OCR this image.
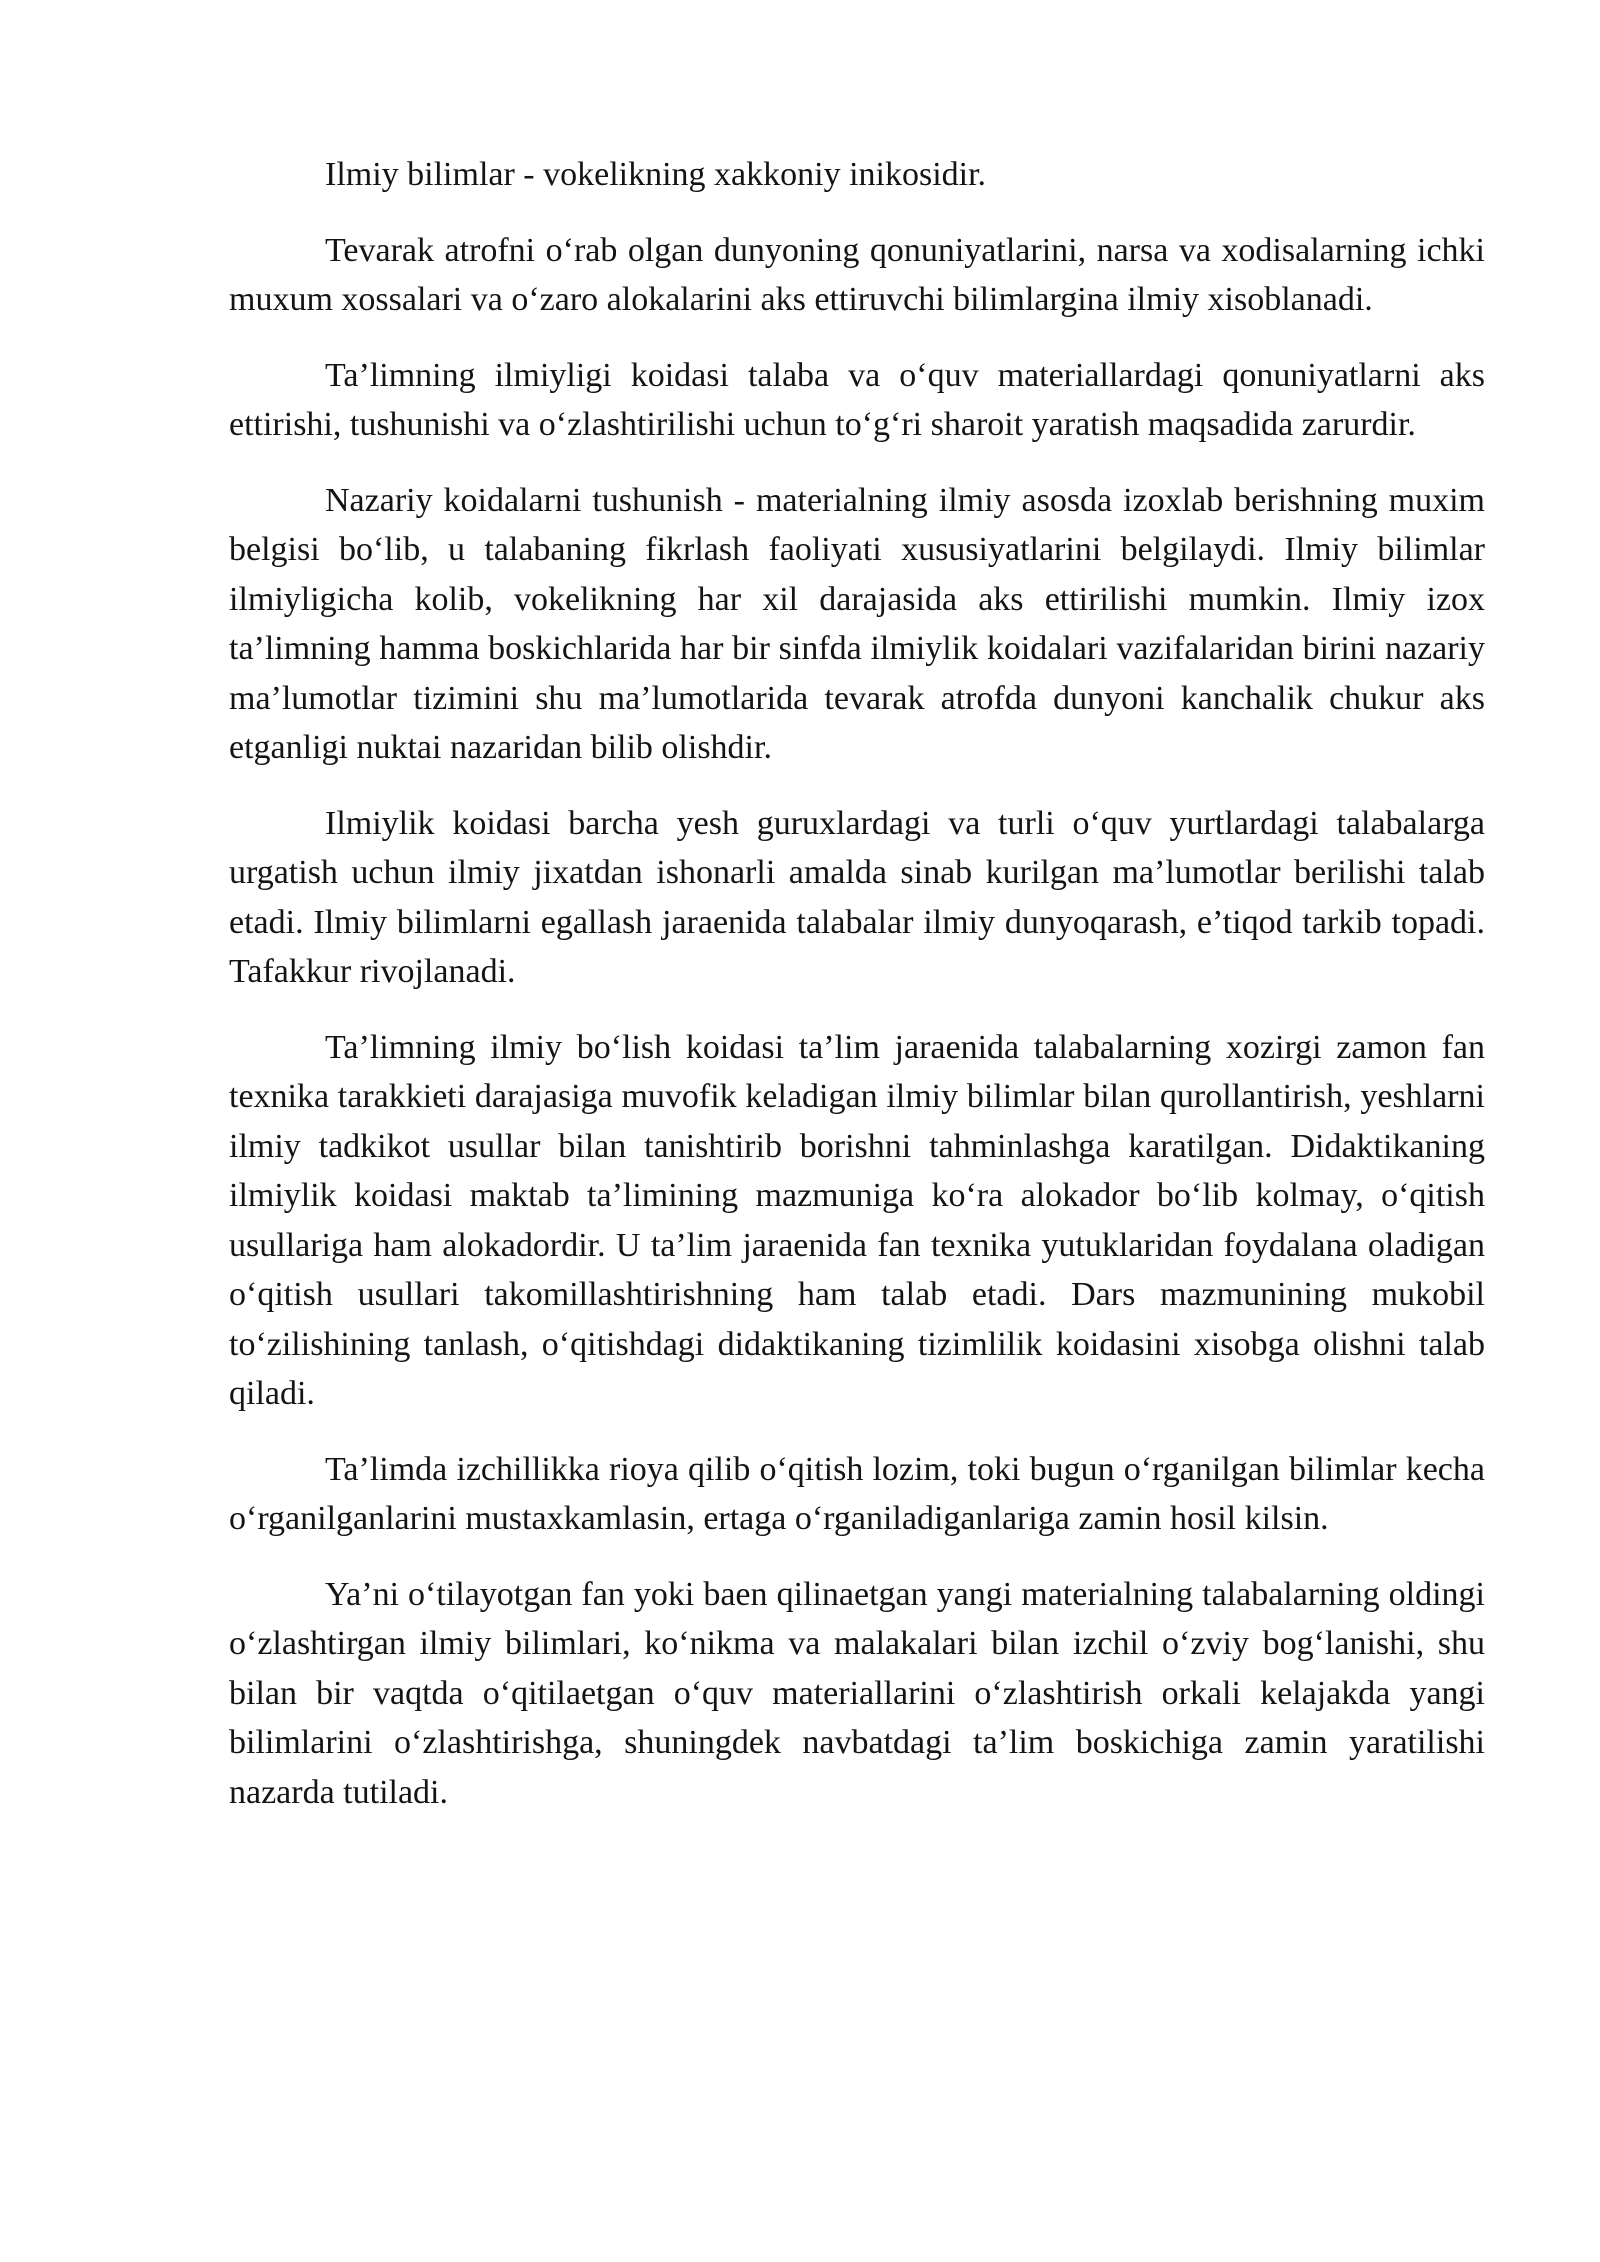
Ilmiy bilimlar - vokelikning xakkoniy inikosidir.

Tevarak atrofni o‘rab olgan dunyoning qonuniyatlarini, narsa va xodisalarning ichki muxum xossalari va o‘zaro alokalarini aks ettiruvchi bilimlargina ilmiy xisoblanadi.

Ta’limning ilmiyligi koidasi talaba va o‘quv materiallardagi qonuniyatlarni aks ettirishi, tushunishi va o‘zlashtirilishi uchun to‘g‘ri sharoit yaratish maqsadida zarurdir.

Nazariy koidalarni tushunish - materialning ilmiy asosda izoxlab berishning muxim belgisi bo‘lib, u talabaning fikrlash faoliyati xususiyatlarini belgilaydi. Ilmiy bilimlar ilmiyligicha kolib, vokelikning har xil darajasida aks ettirilishi mumkin. Ilmiy izox ta’limning hamma boskichlarida har bir sinfda ilmiylik koidalari vazifalaridan birini nazariy ma’lumotlar tizimini shu ma’lumotlarida tevarak atrofda dunyoni kanchalik chukur aks etganligi nuktai nazaridan bilib olishdir.

Ilmiylik koidasi barcha yesh guruxlardagi va turli o‘quv yurtlardagi talabalarga urgatish uchun ilmiy jixatdan ishonarli amalda sinab kurilgan ma’lumotlar berilishi talab etadi. Ilmiy bilimlarni egallash jaraenida talabalar ilmiy dunyoqarash, e’tiqod tarkib topadi. Tafakkur rivojlanadi.

Ta’limning ilmiy bo‘lish koidasi ta’lim jaraenida talabalarning xozirgi zamon fan texnika tarakkieti darajasiga muvofik keladigan ilmiy bilimlar bilan qurollantirish, yeshlarni ilmiy tadkikot usullar bilan tanishtirib borishni tahminlashga karatilgan. Didaktikaning ilmiylik koidasi maktab ta’limining mazmuniga ko‘ra alokador bo‘lib kolmay, o‘qitish usullariga ham alokadordir. U ta’lim jaraenida fan texnika yutuklaridan foydalana oladigan o‘qitish usullari takomillashtirishning ham talab etadi. Dars mazmunining mukobil to‘zilishining tanlash, o‘qitishdagi didaktikaning tizimlilik koidasini xisobga olishni talab qiladi.

Ta’limda izchillikka rioya qilib o‘qitish lozim, toki bugun o‘rganilgan bilimlar kecha o‘rganilganlarini mustaxkamlasin, ertaga o‘rganiladiganlariga zamin hosil kilsin.

Ya’ni o‘tilayotgan fan yoki baen qilinaetgan yangi materialning talabalarning oldingi o‘zlashtirgan ilmiy bilimlari, ko‘nikma va malakalari bilan izchil o‘zviy bog‘lanishi, shu bilan bir vaqtda o‘qitilaetgan o‘quv materiallarini o‘zlashtirish orkali kelajakda yangi bilimlarini o‘zlashtirishga, shuningdek navbatdagi ta’lim boskichiga zamin yaratilishi nazarda tutiladi.
